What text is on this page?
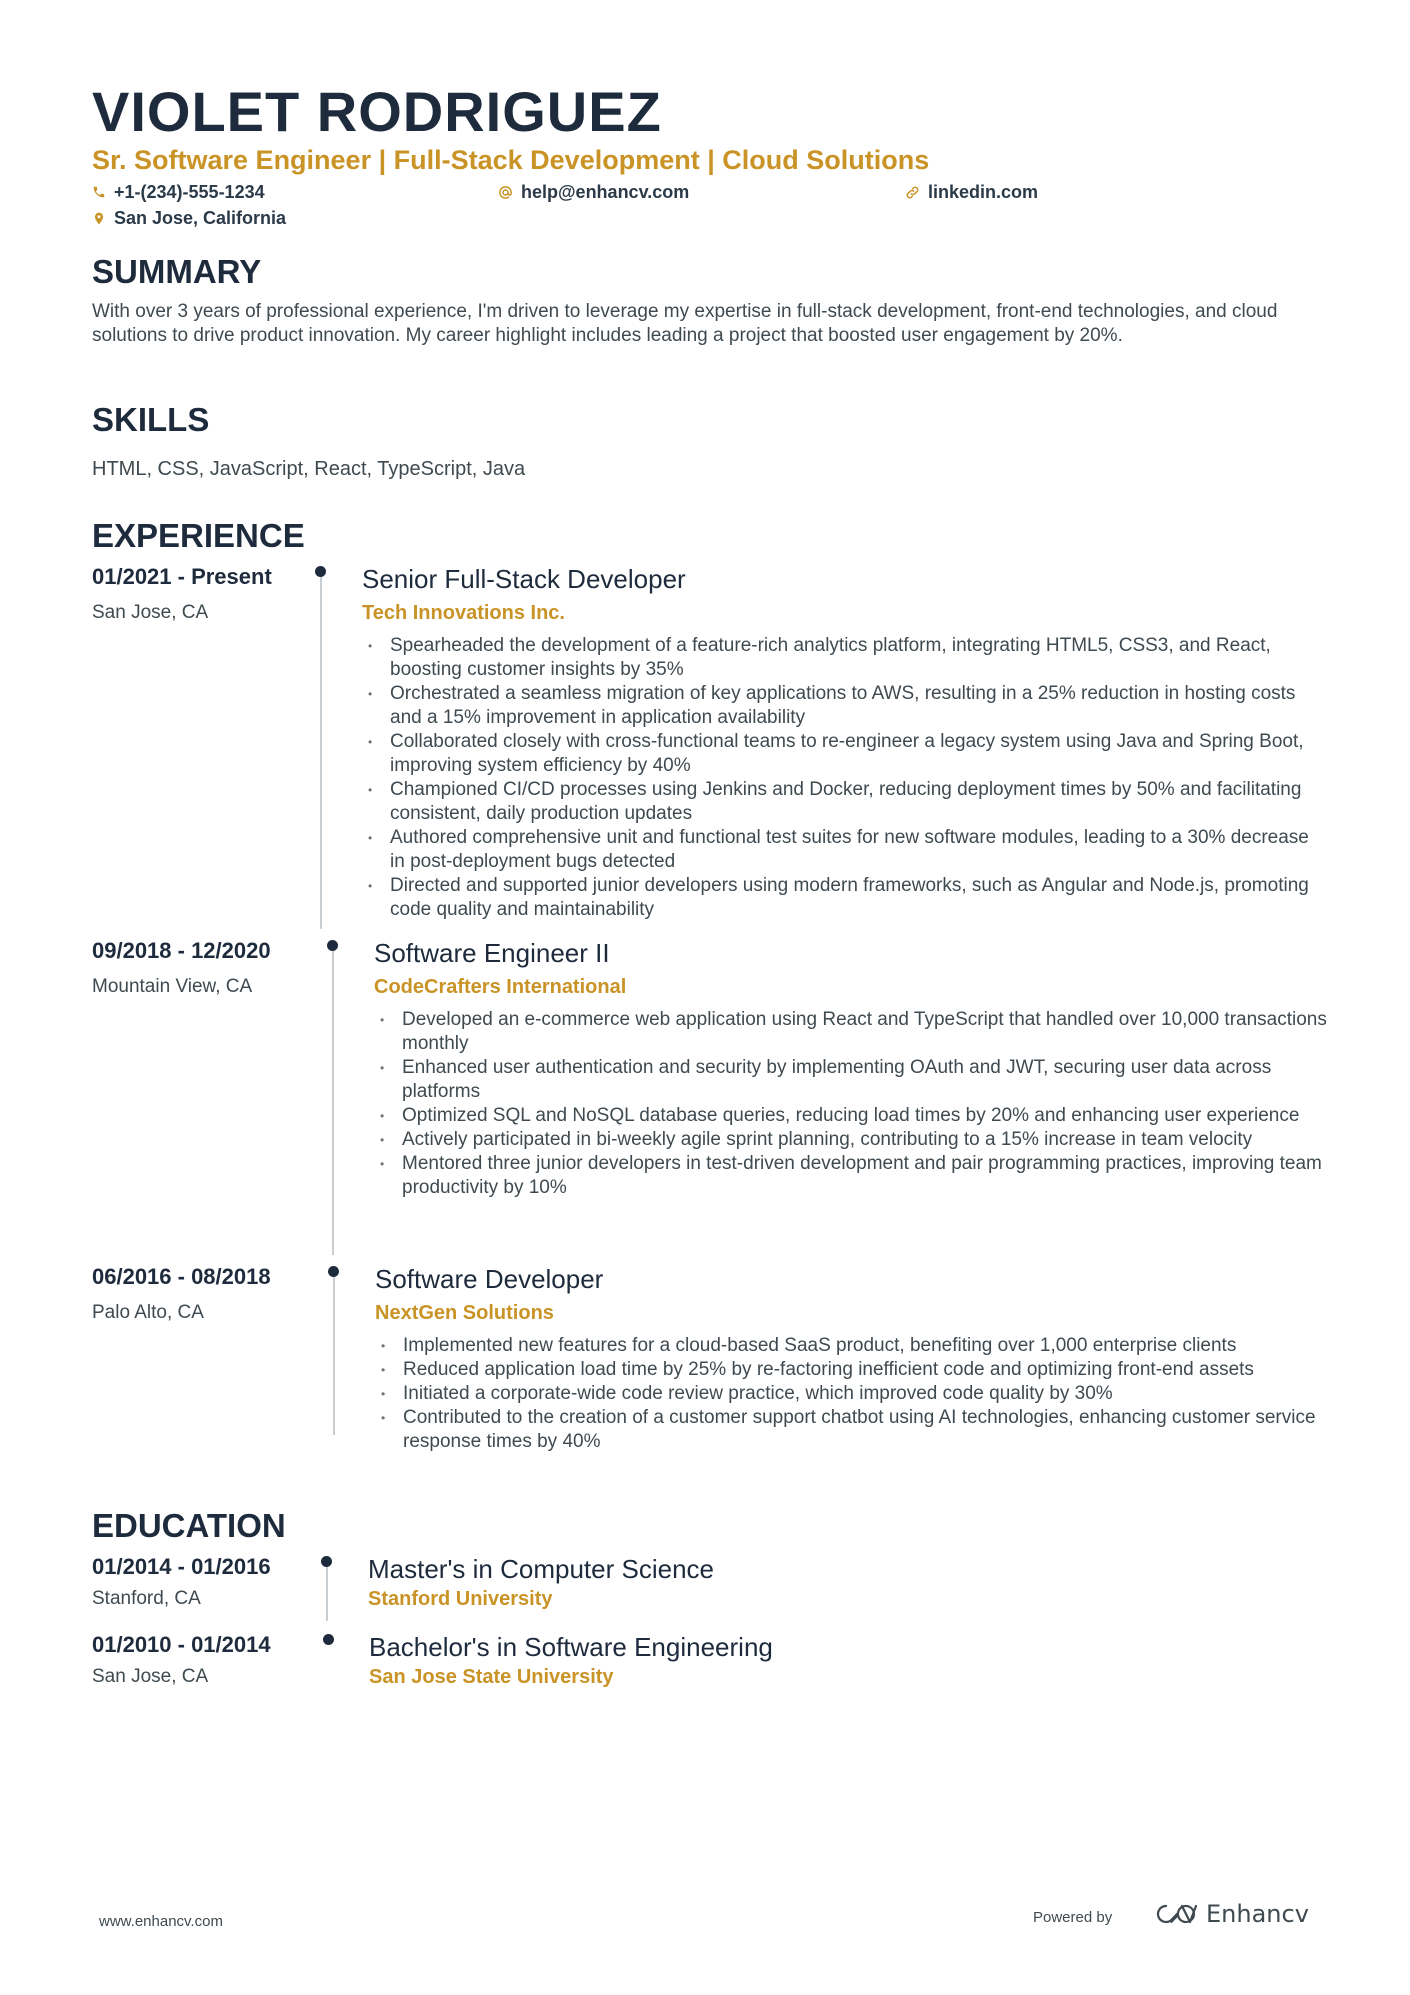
VIOLET RODRIGUEZ
Sr. Software Engineer | Full-Stack Development | Cloud Solutions
+1-(234)-555-1234	help@enhancv.com	linkedin.com
San Jose, California
SUMMARY
With over 3 years of professional experience, I'm driven to leverage my expertise in full-stack development, front-end technologies, and cloud solutions to drive product innovation. My career highlight includes leading a project that boosted user engagement by 20%.
SKILLS
HTML, CSS, JavaScript, React, TypeScript, Java
EXPERIENCE
01/2021 - Present
San Jose, CA
Senior Full-Stack Developer
Tech Innovations Inc.
• Spearheaded the development of a feature-rich analytics platform, integrating HTML5, CSS3, and React, boosting customer insights by 35%
• Orchestrated a seamless migration of key applications to AWS, resulting in a 25% reduction in hosting costs and a 15% improvement in application availability
• Collaborated closely with cross-functional teams to re-engineer a legacy system using Java and Spring Boot, improving system efficiency by 40%
• Championed CI/CD processes using Jenkins and Docker, reducing deployment times by 50% and facilitating consistent, daily production updates
• Authored comprehensive unit and functional test suites for new software modules, leading to a 30% decrease in post-deployment bugs detected
• Directed and supported junior developers using modern frameworks, such as Angular and Node.js, promoting code quality and maintainability
09/2018 - 12/2020
Mountain View, CA
Software Engineer II
CodeCrafters International
• Developed an e-commerce web application using React and TypeScript that handled over 10,000 transactions monthly
• Enhanced user authentication and security by implementing OAuth and JWT, securing user data across platforms
• Optimized SQL and NoSQL database queries, reducing load times by 20% and enhancing user experience
• Actively participated in bi-weekly agile sprint planning, contributing to a 15% increase in team velocity
• Mentored three junior developers in test-driven development and pair programming practices, improving team productivity by 10%
06/2016 - 08/2018
Palo Alto, CA
Software Developer
NextGen Solutions
• Implemented new features for a cloud-based SaaS product, benefiting over 1,000 enterprise clients
• Reduced application load time by 25% by re-factoring inefficient code and optimizing front-end assets
• Initiated a corporate-wide code review practice, which improved code quality by 30%
• Contributed to the creation of a customer support chatbot using AI technologies, enhancing customer service response times by 40%
EDUCATION
01/2014 - 01/2016
Stanford, CA
Master's in Computer Science
Stanford University
01/2010 - 01/2014
San Jose, CA
Bachelor's in Software Engineering
San Jose State University
www.enhancv.com	Powered by	Enhancv
